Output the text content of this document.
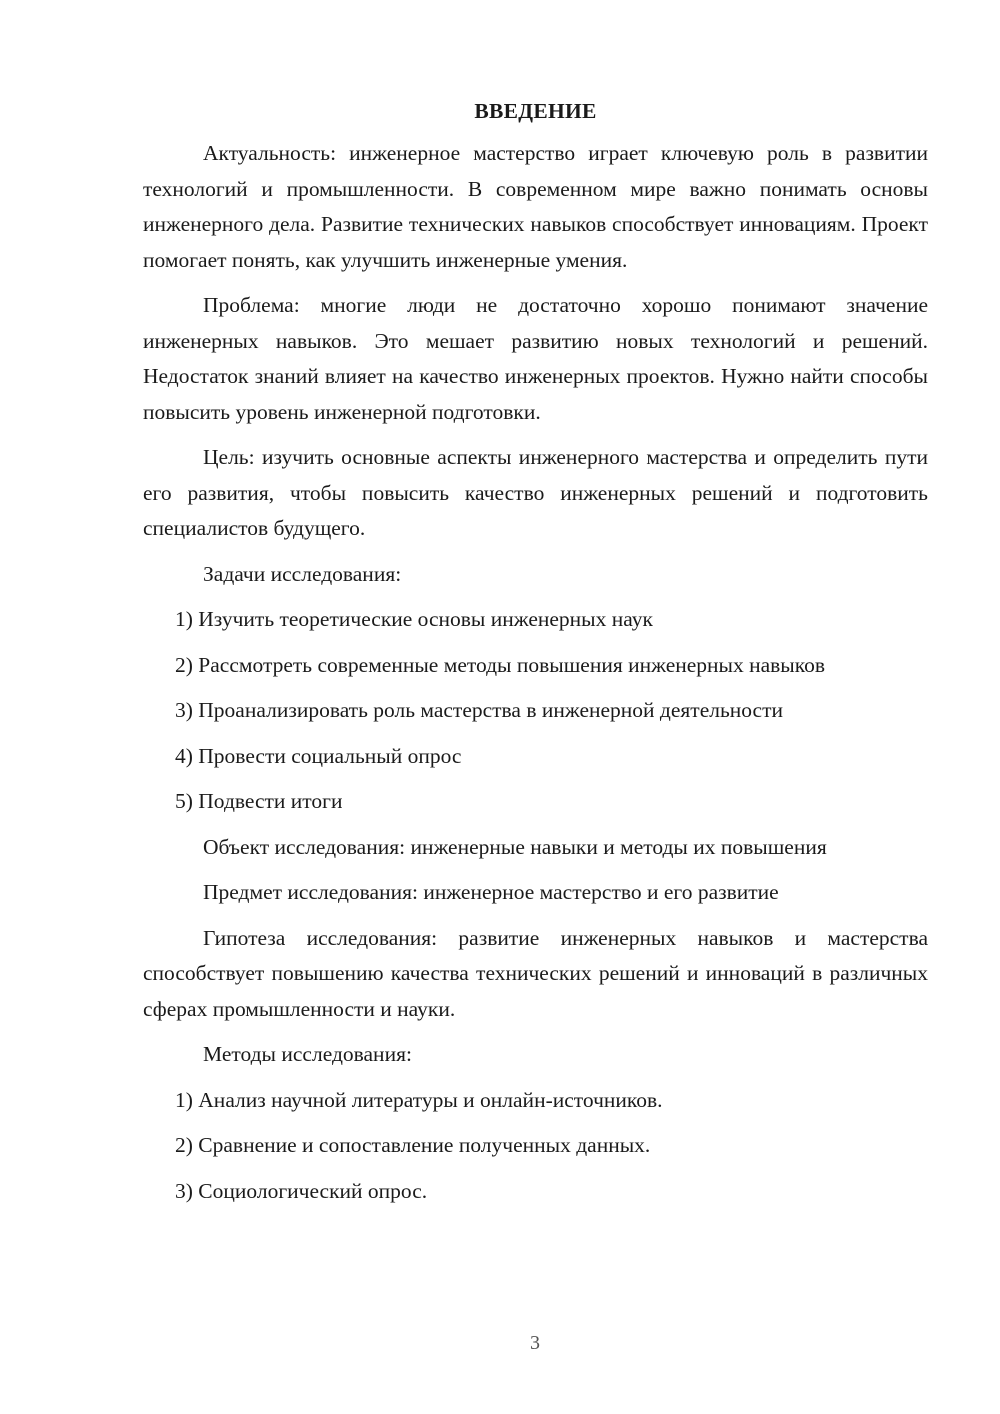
ВВЕДЕНИЕ

Актуальность: инженерное мастерство играет ключевую роль в развитии технологий и промышленности. В современном мире важно понимать основы инженерного дела. Развитие технических навыков способствует инновациям. Проект помогает понять, как улучшить инженерные умения.

Проблема: многие люди не достаточно хорошо понимают значение инженерных навыков. Это мешает развитию новых технологий и решений. Недостаток знаний влияет на качество инженерных проектов. Нужно найти способы повысить уровень инженерной подготовки.

Цель: изучить основные аспекты инженерного мастерства и определить пути его развития, чтобы повысить качество инженерных решений и подготовить специалистов будущего.

Задачи исследования:
1) Изучить теоретические основы инженерных наук
2) Рассмотреть современные методы повышения инженерных навыков
3) Проанализировать роль мастерства в инженерной деятельности
4) Провести социальный опрос
5) Подвести итоги
Объект исследования: инженерные навыки и методы их повышения
Предмет исследования: инженерное мастерство и его развитие

Гипотеза исследования: развитие инженерных навыков и мастерства способствует повышению качества технических решений и инноваций в различных сферах промышленности и науки.

Методы исследования:
1) Анализ научной литературы и онлайн-источников.
2) Сравнение и сопоставление полученных данных.
3) Социологический опрос.
3
